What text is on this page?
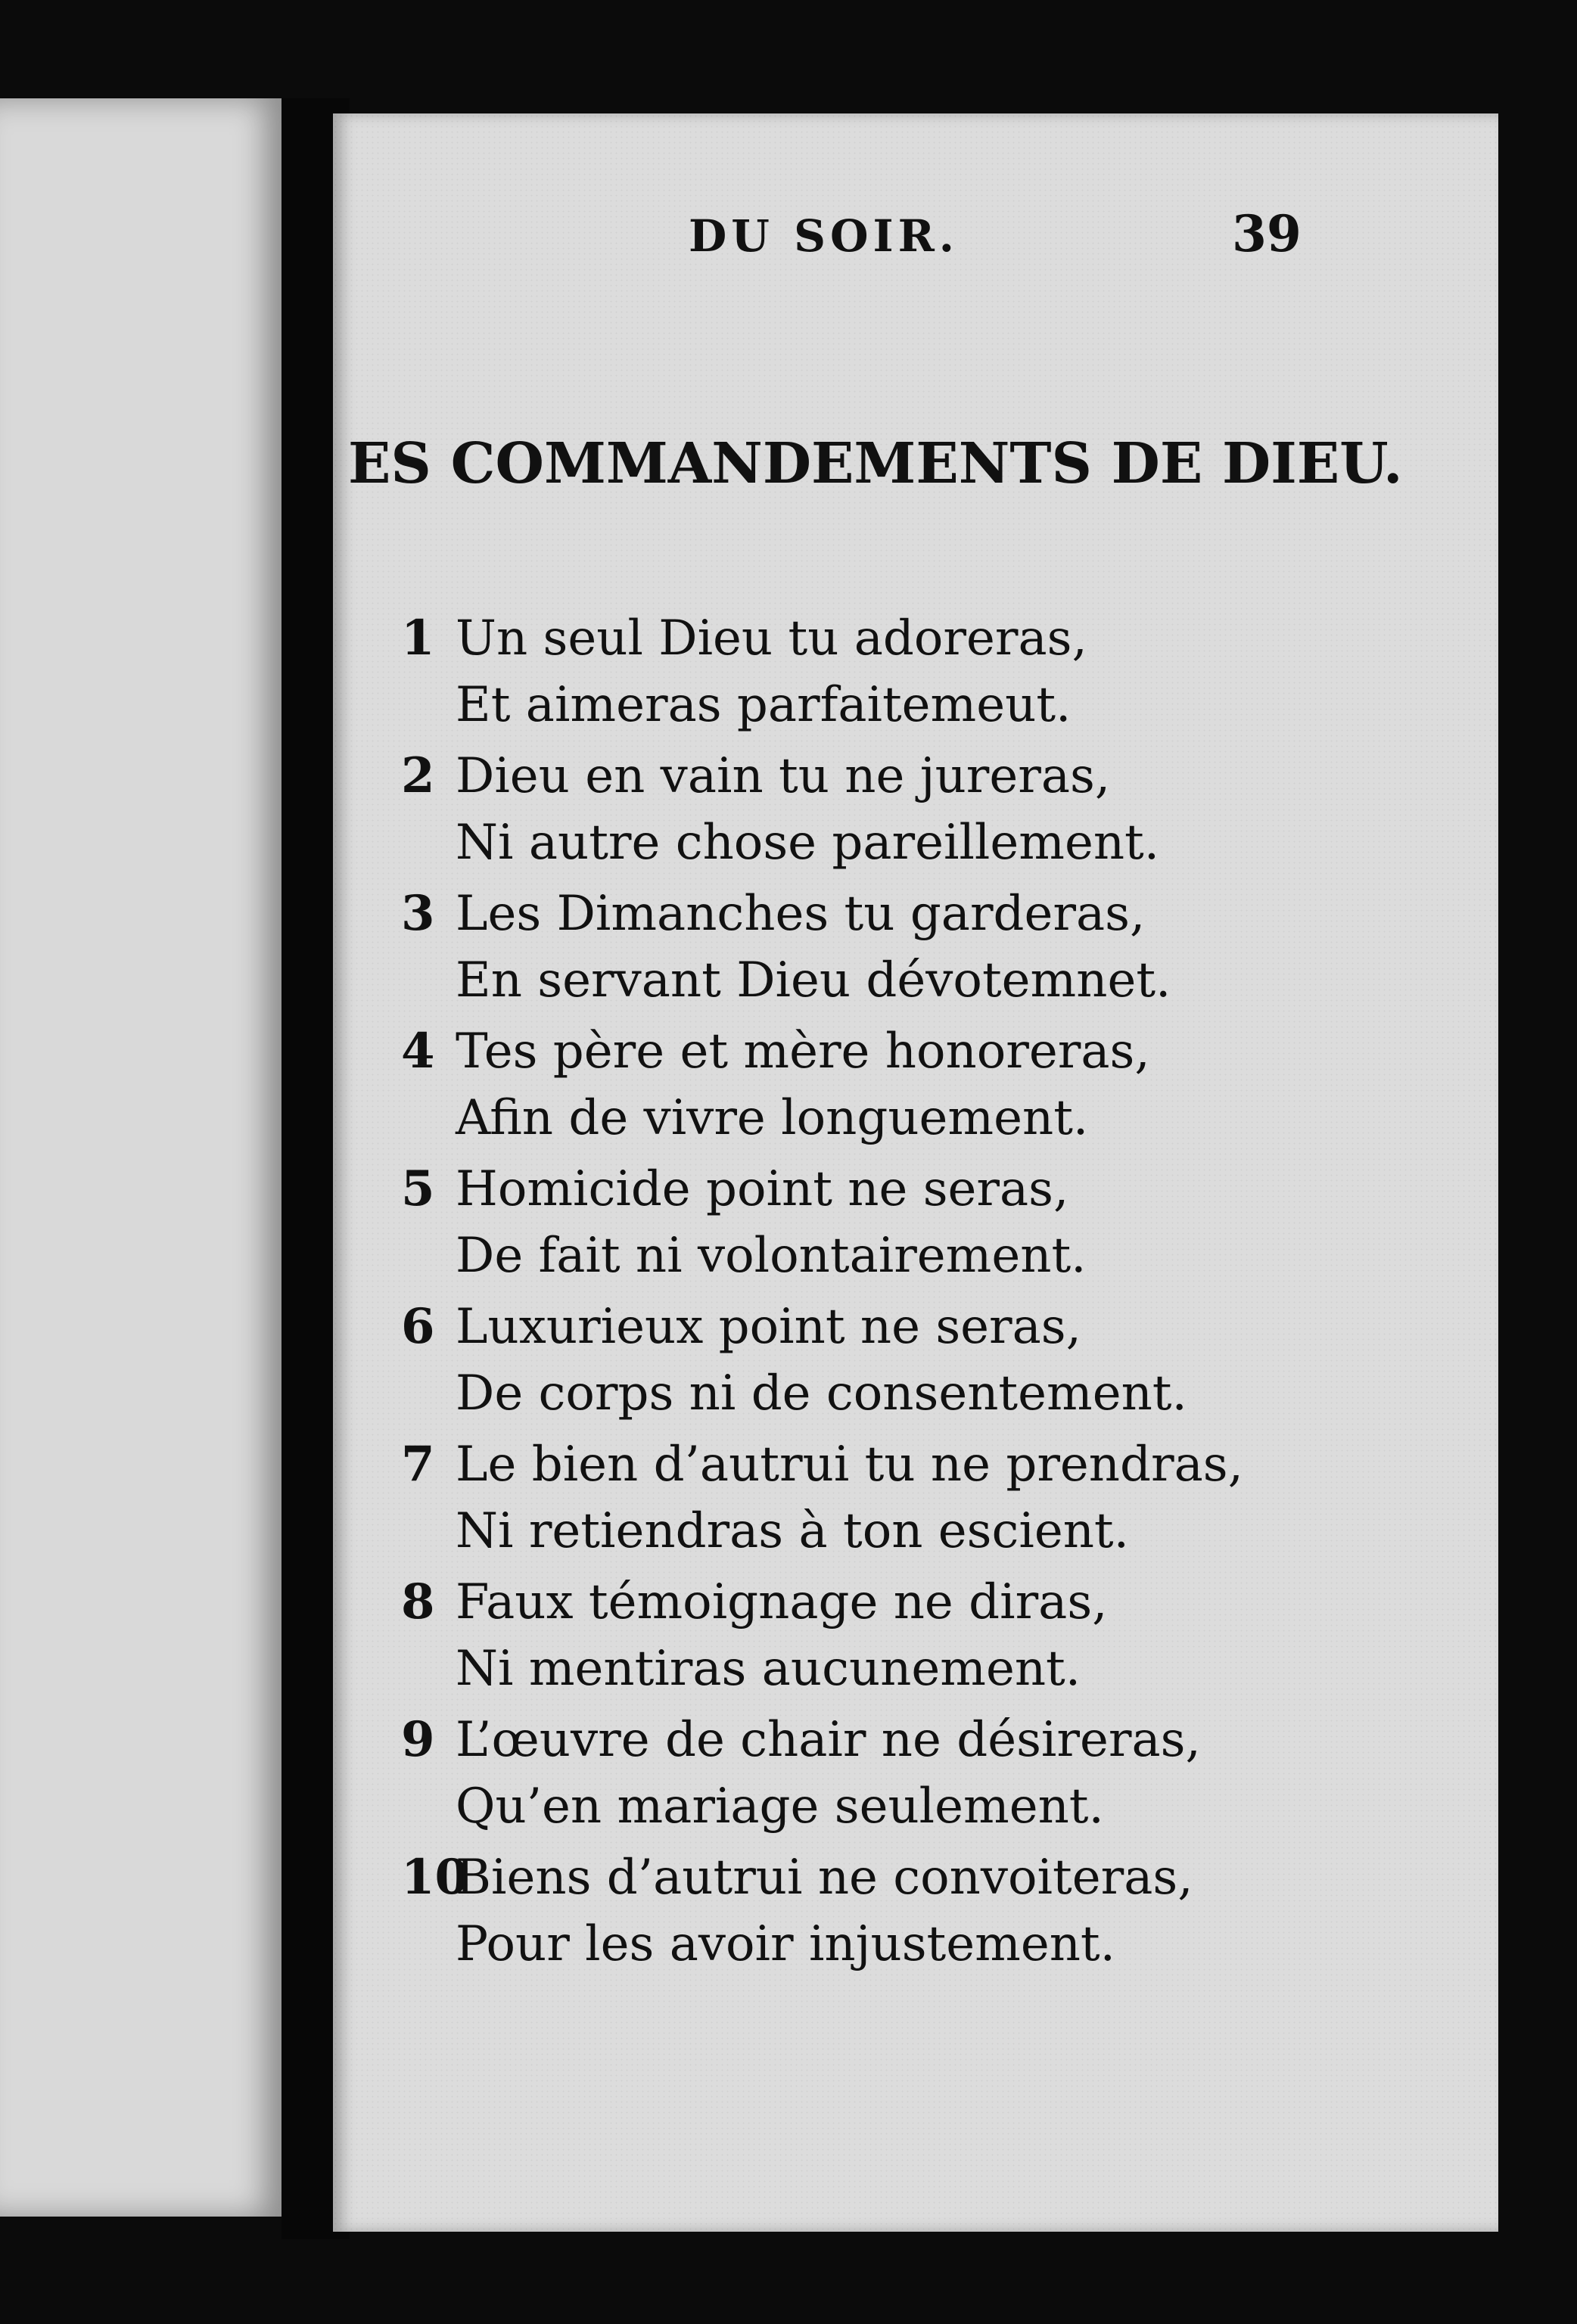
DU SOIR.	39
ES COMMANDEMENTS DE DIEU.
1 Un seul Dieu tu adoreras,
Et aimeras parfaitemeut.
2 Dieu en vain tu ne jureras,
Ni autre chose pareillement.
3 Les Dimanches tu garderas,
En servant Dieu dévotemnet.
4 Tes père et mère honoreras,
Afin de vivre longuement.
5 Homicide point ne seras,
De fait ni volontairement.
6 Luxurieux point ne seras,
De corps ni de consentement.
7 Le bien d’autrui tu ne prendras,
Ni retiendras à ton escient.
8 Faux témoignage ne diras,
Ni mentiras aucunement.
9 L’œuvre de chair ne désireras,
Qu’en mariage seulement.
10
Biens d’autrui ne convoiteras,
Pour les avoir injustement.
